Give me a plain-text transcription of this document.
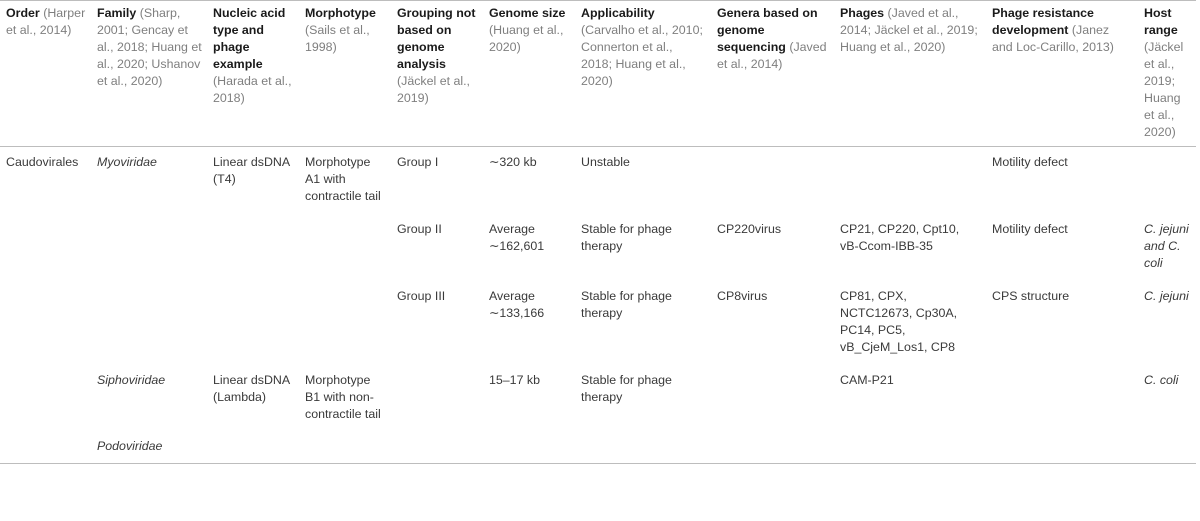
Order (Harper et al., 2014)	Family (Sharp, 2001; Gencay et al., 2018; Huang et al., 2020; Ushanov et al., 2020)	Nucleic acid type and phage example (Harada et al., 2018)	Morphotype (Sails et al., 1998)	Grouping not based on genome analysis (Jäckel et al., 2019)	Genome size (Huang et al., 2020)	Applicability (Carvalho et al., 2010; Connerton et al., 2018; Huang et al., 2020)	Genera based on genome sequencing (Javed et al., 2014)	Phages (Javed et al., 2014; Jäckel et al., 2019; Huang et al., 2020)	Phage resistance development (Janez and Loc-Carillo, 2013)	Host range (Jäckel et al., 2019; Huang et al., 2020)
Caudovirales	Myoviridae	Linear dsDNA (T4)	Morphotype A1 with contractile tail	Group I	∼320 kb	Unstable			Motility defect	
				Group II	Average ∼162,601	Stable for phage therapy	CP220virus	CP21, CP220, Cpt10, vB-Ccom-IBB-35	Motility defect	C. jejuni and C. coli
				Group III	Average ∼133,166	Stable for phage therapy	CP8virus	CP81, CPX, NCTC12673, Cp30A, PC14, PC5, vB_CjeM_Los1, CP8	CPS structure	C. jejuni
	Siphoviridae	Linear dsDNA (Lambda)	Morphotype B1 with non-contractile tail		15–17 kb	Stable for phage therapy		CAM-P21		C. coli
	Podoviridae									
